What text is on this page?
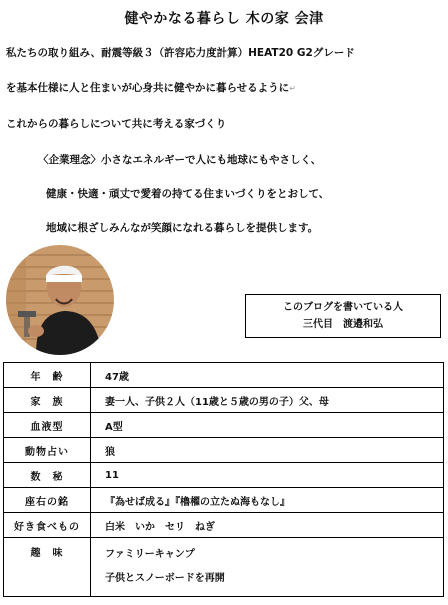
健やかなる暮らし 木の家 会津
私たちの取り組み、耐震等級３（許容応力度計算）HEAT20 G2グレード
を基本仕様に人と住まいが心身共に健やかに暮らせるように↵
これからの暮らしについて共に考える家づくり
〈企業理念〉小さなエネルギーで人にも地球にもやさしく、
健康・快適・頑丈で愛着の持てる住まいづくりをとおして、
地域に根ざしみんなが笑顔になれる暮らしを提供します。
このブログを書いている人
三代目　渡邉和弘
年　齢	47歳
家　族	妻一人、子供２人（11歳と５歳の男の子）父、母
血液型	A型
動物占い	狼
数　秘	11
座右の銘	『為せば成る』『櫓櫂の立たぬ海もなし』
好き食べもの	白米　いか　セリ　ねぎ
趣　味	ファミリーキャンプ
子供とスノーボードを再開
